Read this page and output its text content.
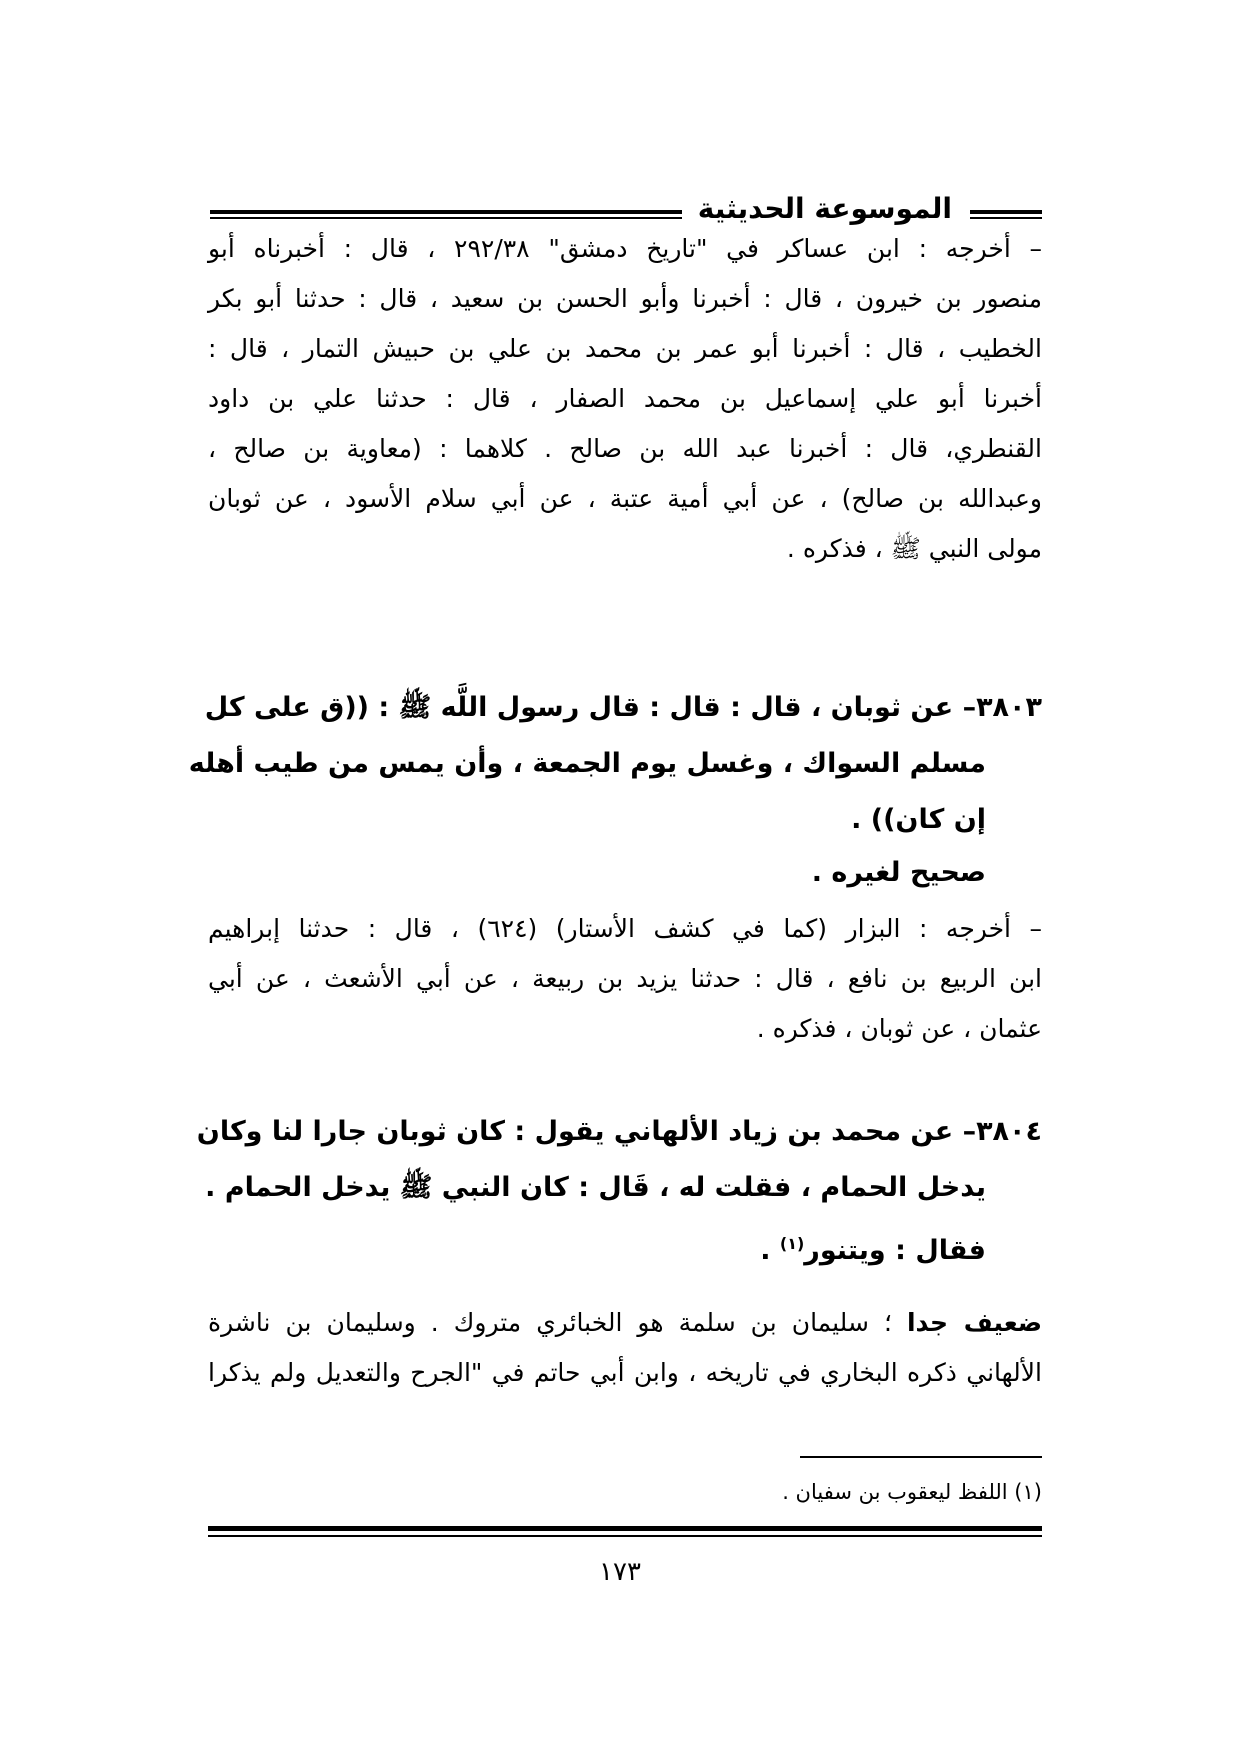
الموسوعة الحديثية
– أخرجه : ابن عساكر في "تاريخ دمشق" ٢٩٢/٣٨ ، قال : أخبرناه أبو
منصور بن خيرون ، قال : أخبرنا وأبو الحسن بن سعيد ، قال : حدثنا أبو بكر
الخطيب ، قال : أخبرنا أبو عمر بن محمد بن علي بن حبيش التمار ، قال :
أخبرنا أبو علي إسماعيل بن محمد الصفار ، قال : حدثنا علي بن داود
القنطري، قال : أخبرنا عبد الله بن صالح . كلاهما : (معاوية بن صالح ،
وعبدالله بن صالح) ، عن أبي أمية عتبة ، عن أبي سلام الأسود ، عن ثوبان
مولى النبي ﷺ ، فذكره .
٣٨٠٣– عن ثوبان ، قال : قال : قال رسول اللَّه ﷺ : ((ق على كل
مسلم السواك ، وغسل يوم الجمعة ، وأن يمس من طيب أهله
إن كان)) .
صحيح لغيره .
– أخرجه : البزار (كما في كشف الأستار) (٦٢٤) ، قال : حدثنا إبراهيم
ابن الربيع بن نافع ، قال : حدثنا يزيد بن ربيعة ، عن أبي الأشعث ، عن أبي
عثمان ، عن ثوبان ، فذكره .
٣٨٠٤– عن محمد بن زياد الألهاني يقول : كان ثوبان جارا لنا وكان
يدخل الحمام ، فقلت له ، قَال : كان النبي ﷺ يدخل الحمام .
فقال : ويتنور$^{(١)}$ .
ضعيف جدا ؛ سليمان بن سلمة هو الخبائري متروك . وسليمان بن ناشرة
الألهاني ذكره البخاري في تاريخه ، وابن أبي حاتم في "الجرح والتعديل ولم يذكرا
(١) اللفظ ليعقوب بن سفيان .
١٧٣
